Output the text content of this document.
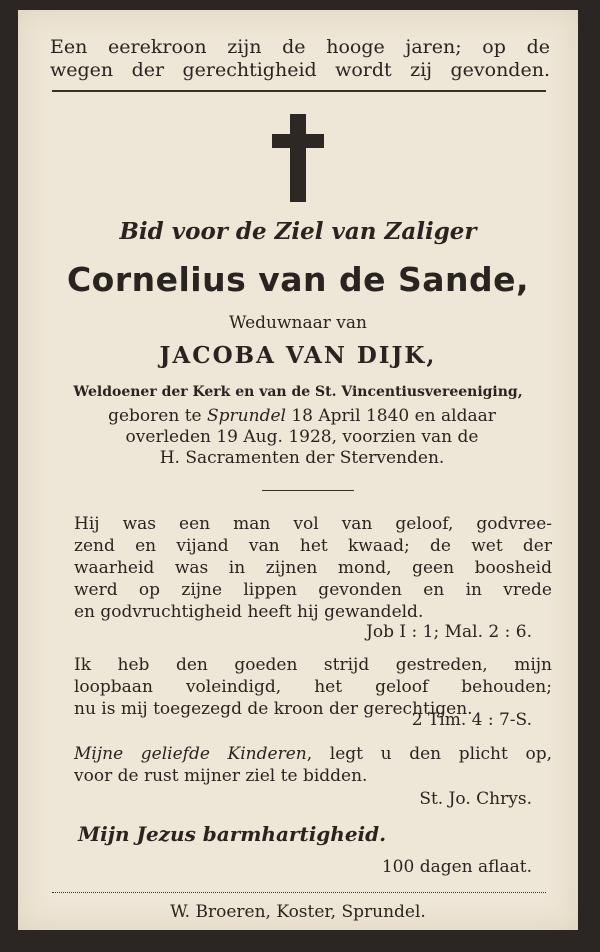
Een eerekroon zijn de hooge jaren; op de
wegen der gerechtigheid wordt zij gevonden.

Bid voor de Ziel van Zaliger

Cornelius van de Sande,

Weduwnaar van

JACOBA VAN DIJK,

Weldoener der Kerk en van de St. Vincentiusvereeniging,

geboren te Sprundel 18 April 1840 en aldaar
overleden 19 Aug. 1928, voorzien van de
H. Sacramenten der Stervenden.
Hij was een man vol van geloof, godvree-
zend en vijand van het kwaad; de wet der
waarheid was in zijnen mond, geen boosheid
werd op zijne lippen gevonden en in vrede
en godvruchtigheid heeft hij gewandeld.

Job I : 1; Mal. 2 : 6.

Ik heb den goeden strijd gestreden, mijn
loopbaan voleindigd, het geloof behouden;
nu is mij toegezegd de kroon der gerechtigen.

2 Tim. 4 : 7-S.

Mijne geliefde Kinderen, legt u den plicht op,
voor de rust mijner ziel te bidden.

St. Jo. Chrys.

Mijn Jezus barmhartigheid.

100 dagen aflaat.

W. Broeren, Koster, Sprundel.
